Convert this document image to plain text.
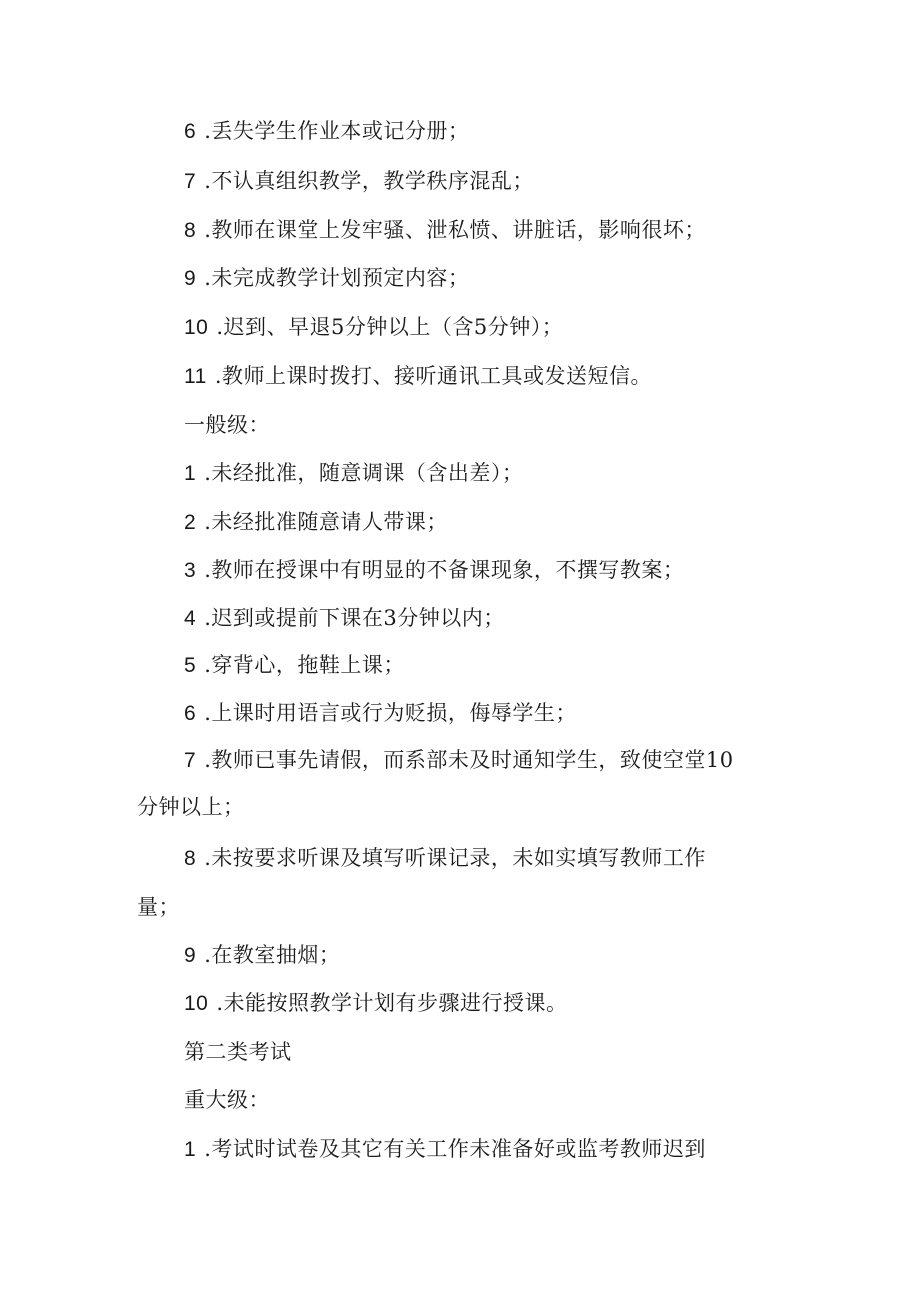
6 .丢失学生作业本或记分册；
7 .不认真组织教学，教学秩序混乱；
8 .教师在课堂上发牢骚、泄私愤、讲脏话，影响很坏；
9 .未完成教学计划预定内容；
10 .迟到、早退5分钟以上（含5分钟）；
11 .教师上课时拨打、接听通讯工具或发送短信。
一般级：
1 .未经批准，随意调课（含出差）；
2 .未经批准随意请人带课；
3 .教师在授课中有明显的不备课现象，不撰写教案；
4 .迟到或提前下课在3分钟以内；
5 .穿背心，拖鞋上课；
6 .上课时用语言或行为贬损，侮辱学生；
7 .教师已事先请假，而系部未及时通知学生，致使空堂10
分钟以上；
8 .未按要求听课及填写听课记录，未如实填写教师工作
量；
9 .在教室抽烟；
10 .未能按照教学计划有步骤进行授课。
第二类考试
重大级：
1 .考试时试卷及其它有关工作未准备好或监考教师迟到
